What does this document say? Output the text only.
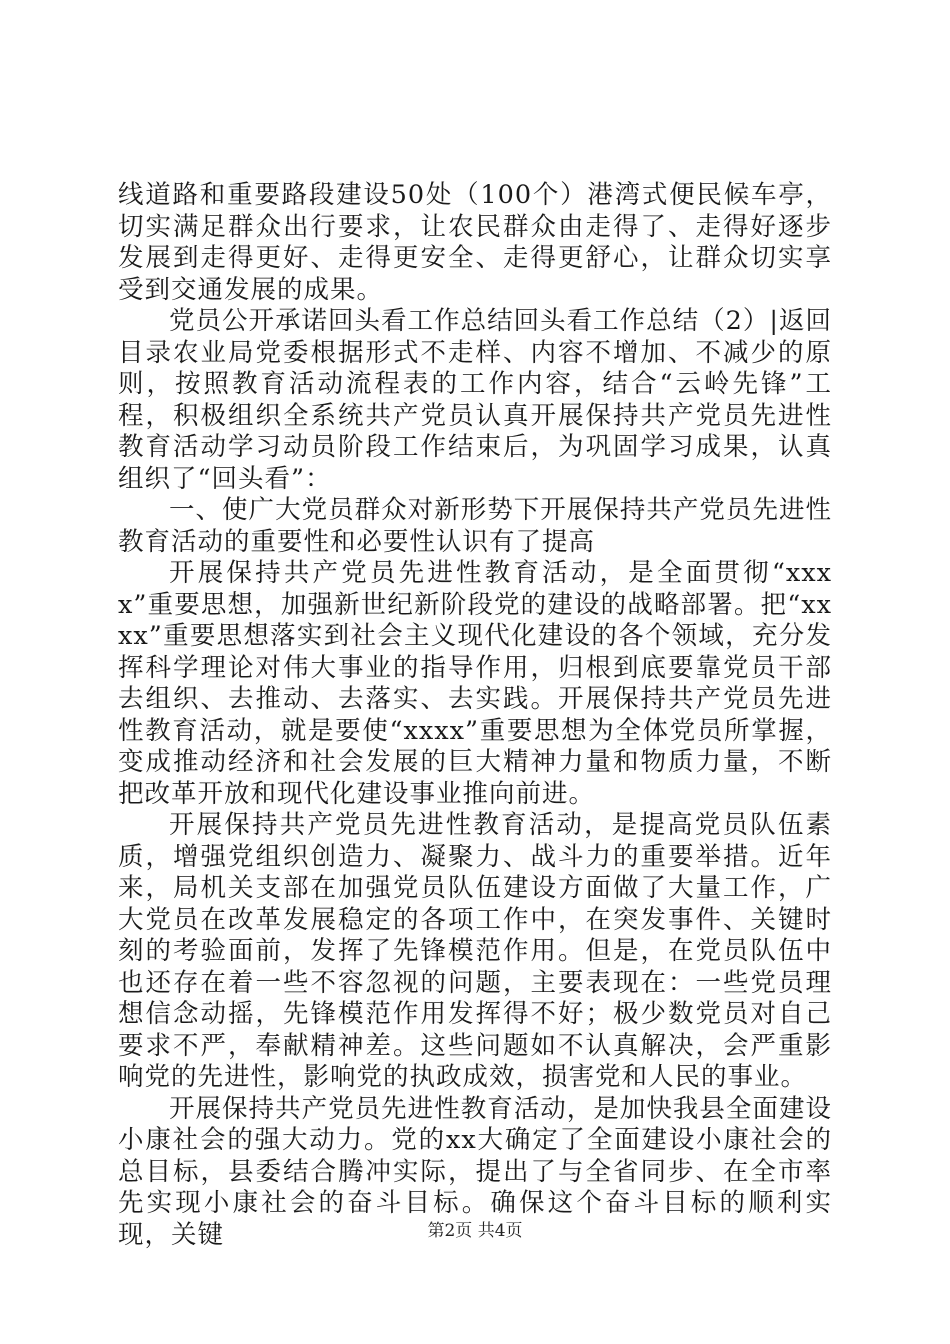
线道路和重要路段建设50处（100个）港湾式便民候车亭，切实满足群众出行要求，让农民群众由走得了、走得好逐步发展到走得更好、走得更安全、走得更舒心，让群众切实享受到交通发展的成果。

党员公开承诺回头看工作总结回头看工作总结（2）|返回目录农业局党委根据形式不走样、内容不增加、不减少的原则，按照教育活动流程表的工作内容，结合“云岭先锋”工程，积极组织全系统共产党员认真开展保持共产党员先进性教育活动学习动员阶段工作结束后，为巩固学习成果，认真组织了“回头看”：

一、使广大党员群众对新形势下开展保持共产党员先进性教育活动的重要性和必要性认识有了提高

开展保持共产党员先进性教育活动，是全面贯彻“xxxx”重要思想，加强新世纪新阶段党的建设的战略部署。把“xxxx”重要思想落实到社会主义现代化建设的各个领域，充分发挥科学理论对伟大事业的指导作用，归根到底要靠党员干部去组织、去推动、去落实、去实践。开展保持共产党员先进性教育活动，就是要使“xxxx”重要思想为全体党员所掌握，变成推动经济和社会发展的巨大精神力量和物质力量，不断把改革开放和现代化建设事业推向前进。

开展保持共产党员先进性教育活动，是提高党员队伍素质，增强党组织创造力、凝聚力、战斗力的重要举措。近年来，局机关支部在加强党员队伍建设方面做了大量工作，广大党员在改革发展稳定的各项工作中，在突发事件、关键时刻的考验面前，发挥了先锋模范作用。但是，在党员队伍中也还存在着一些不容忽视的问题，主要表现在：一些党员理想信念动摇，先锋模范作用发挥得不好；极少数党员对自己要求不严，奉献精神差。这些问题如不认真解决，会严重影响党的先进性，影响党的执政成效，损害党和人民的事业。

开展保持共产党员先进性教育活动，是加快我县全面建设小康社会的强大动力。党的xx大确定了全面建设小康社会的总目标，县委结合腾冲实际，提出了与全省同步、在全市率先实现小康社会的奋斗目标。确保这个奋斗目标的顺利实现，关键	第2页 共4页
